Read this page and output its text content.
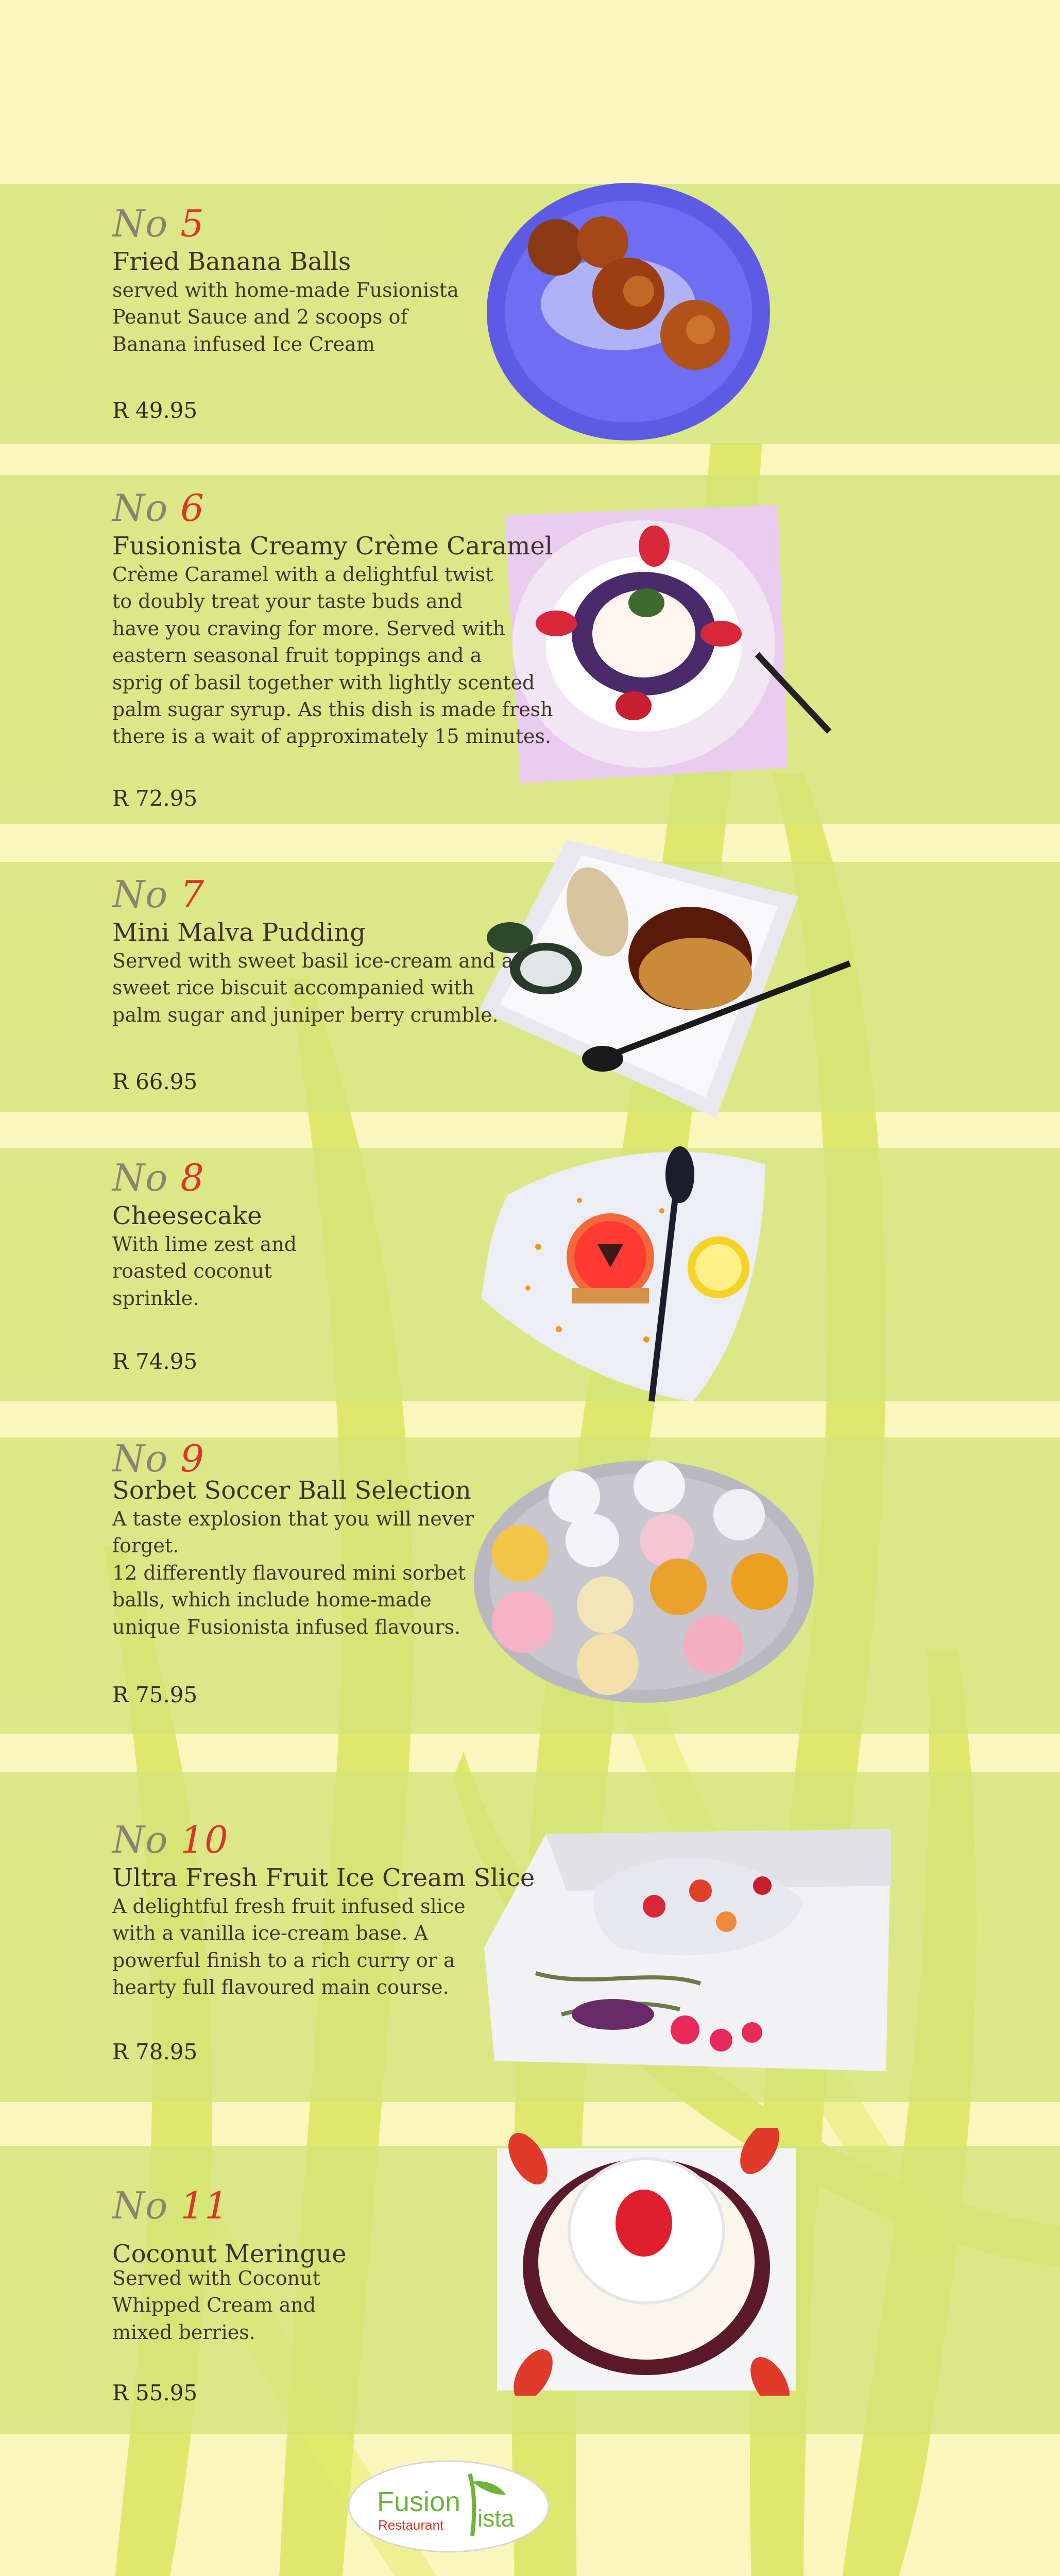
No 5
Fried Banana Balls
served with home-made Fusionista
Peanut Sauce and 2 scoops of
Banana infused Ice Cream
R 49.95
No 6
Fusionista Creamy Crème Caramel
Crème Caramel with a delightful twist
to doubly treat your taste buds and
have you craving for more. Served with
eastern seasonal fruit toppings and a
sprig of basil together with lightly scented
palm sugar syrup. As this dish is made fresh
there is a wait of approximately 15 minutes.
R 72.95
No 7
Mini Malva Pudding
Served with sweet basil ice-cream and a
sweet rice biscuit accompanied with
palm sugar and juniper berry crumble.
R 66.95
No 8
Cheesecake
With lime zest and
roasted coconut
sprinkle.
R 74.95
No 9
Sorbet Soccer Ball Selection
A taste explosion that you will never
forget.
12 differently flavoured mini sorbet
balls, which include home-made
unique Fusionista infused flavours.
R 75.95
No 10
Ultra Fresh Fruit Ice Cream Slice
A delightful fresh fruit infused slice
with a vanilla ice-cream base. A
powerful finish to a rich curry or a
hearty full flavoured main course.
R 78.95
No 11
Coconut Meringue
Served with Coconut
Whipped Cream and
mixed berries.
R 55.95
Fusion
ista
Restaurant
